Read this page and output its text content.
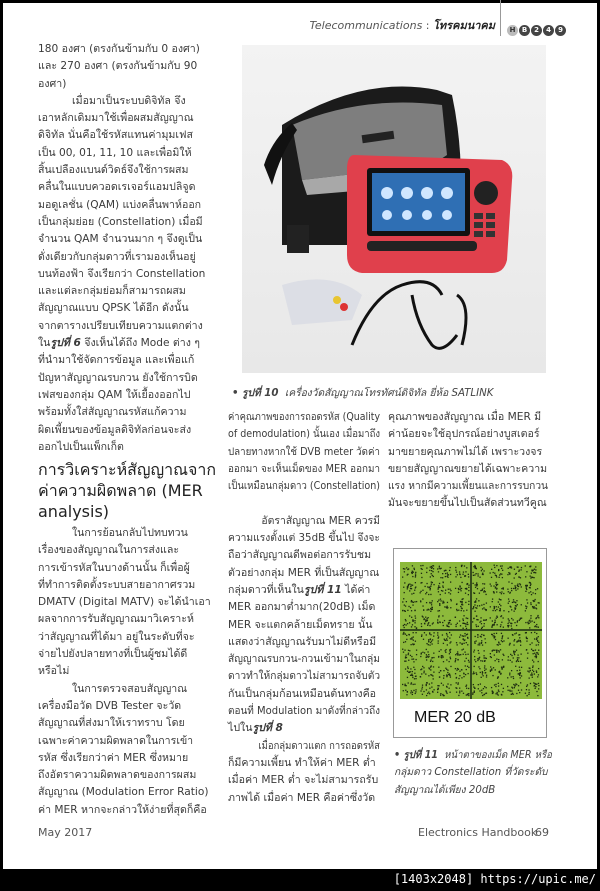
Telecommunications : โทรคมนาคม	H B 2 4 9
180 องศา (ตรงกันข้ามกับ 0 องศา)
และ 270 องศา (ตรงกันข้ามกับ 90
องศา)
เมื่อมาเป็นระบบดิจิทัล จึง
เอาหลักเดิมมาใช้เพื่อผสมสัญญาณ
ดิจิทัล นั่นคือใช้รหัสแทนค่ามุมเฟส
เป็น 00, 01, 11, 10 และเพื่อมิให้
สิ้นเปลืองแบนด์วิดธ์จึงใช้การผสม
คลื่นในแบบควอดเรเจอร์แอมปลิจูด
มอดูเลชั่น (QAM) แบ่งคลื่นพาห์ออก
เป็นกลุ่มย่อย (Constellation) เมื่อมี
จำนวน QAM จำนวนมาก ๆ จึงดูเป็น
ดั่งเดียวกับกลุ่มดาวที่เรามองเห็นอยู่
บนท้องฟ้า จึงเรียกว่า Constellation
และแต่ละกลุ่มย่อมก็สามารถผสม
สัญญาณแบบ QPSK ได้อีก ดังนั้น
จากตารางเปรียบเทียบความแตกต่าง
ในรูปที่ 6 จึงเห็นได้ถึง Mode ต่าง ๆ
ที่นำมาใช้จัดการข้อมูล และเพื่อแก้
ปัญหาสัญญาณรบกวน ยังใช้การบิด
เฟสของกลุ่ม QAM ให้เยื้องออกไป
พร้อมทั้งใส่สัญญาณรหัสแก้ความ
ผิดเพี้ยนของข้อมูลดิจิทัลก่อนจะส่ง
ออกไปเป็นแพ็กเก็ต
การวิเคราะห์สัญญาณจาก
ค่าความผิดพลาด (MER
analysis)
ในการย้อนกลับไปทบทวน
เรื่องของสัญญาณในการส่งและ
การเข้ารหัสในบางด้านนั้น ก็เพื่อผู้
ที่ทำการติดตั้งระบบสายอากาศรวม
DMATV (Digital MATV) จะได้นำเอา
ผลจากการรับสัญญาณมาวิเคราะห์
ว่าสัญญาณที่ได้มา อยู่ในระดับที่จะ
จ่ายไปยังปลายทางที่เป็นผู้ชมได้ดี
หรือไม่
ในการตรวจสอบสัญญาณ
เครื่องมือวัด DVB Tester จะวัด
สัญญาณที่ส่งมาให้เราทราบ โดย
เฉพาะค่าความผิดพลาดในการเข้า
รหัส ซึ่งเรียกว่าค่า MER ซึ่งหมาย
ถึงอัตราความผิดพลาดของการผสม
สัญญาณ (Modulation Error Ratio)
ค่า MER หากจะกล่าวให้ง่ายที่สุดก็คือ
• รูปที่ 10 เครื่องวัดสัญญาณโทรทัศน์ดิจิทัล ยี่ห้อ SATLINK
ค่าคุณภาพของการถอดรหัส (Quality
of demodulation) นั้นเอง เมื่อมาถึง
ปลายทางหากใช้ DVB meter วัดค่า
ออกมา จะเห็นเม็ดของ MER ออกมา
เป็นเหมือนกลุ่มดาว (Constellation)
อัตราสัญญาณ MER ควรมี
ความแรงตั้งแต่ 35dB ขึ้นไป จึงจะ
ถือว่าสัญญาณดีพอต่อการรับชม
ตัวอย่างกลุ่ม MER ที่เป็นสัญญาณ
กลุ่มดาวที่เห็นในรูปที่ 11 ได้ค่า
MER ออกมาต่ำมาก(20dB) เม็ด
MER จะแตกคล้ายเม็ดทราย นั้น
แสดงว่าสัญญาณรับมาไม่ดีหรือมี
สัญญาณรบกวน-กวนเข้ามาในกลุ่ม
ดาวทำให้กลุ่มดาวไม่สามารถจับตัว
กันเป็นกลุ่มก้อนเหมือนต้นทางคือ
ตอนที่ Modulation มาดังที่กล่าวถึง
ไปในรูปที่ 8
เมื่อกลุ่มดาวแตก การถอดรหัส
ก็มีความเพี้ยน ทำให้ค่า MER ต่ำ
เมื่อค่า MER ต่ำ จะไม่สามารถรับ
ภาพได้ เมื่อค่า MER คือค่าซึ่งวัด
คุณภาพของสัญญาณ เมื่อ MER มี
ค่าน้อยจะใช้อุปกรณ์อย่างบูสเตอร์
มาขยายคุณภาพไม่ได้ เพราะวงจร
ขยายสัญญาณขยายได้เฉพาะความ
แรง หากมีความเพี้ยนและการรบกวน
มันจะขยายขึ้นไปเป็นสัดส่วนทวีคูณ
MER 20 dB
• รูปที่ 11 หน้าตาของเม็ด MER หรือ
กลุ่มดาว Constellation ที่วัดระดับ
สัญญาณได้เพียง 20dB
May 2017	Electronics Handbook
69
[1403x2048] https://upic.me/
